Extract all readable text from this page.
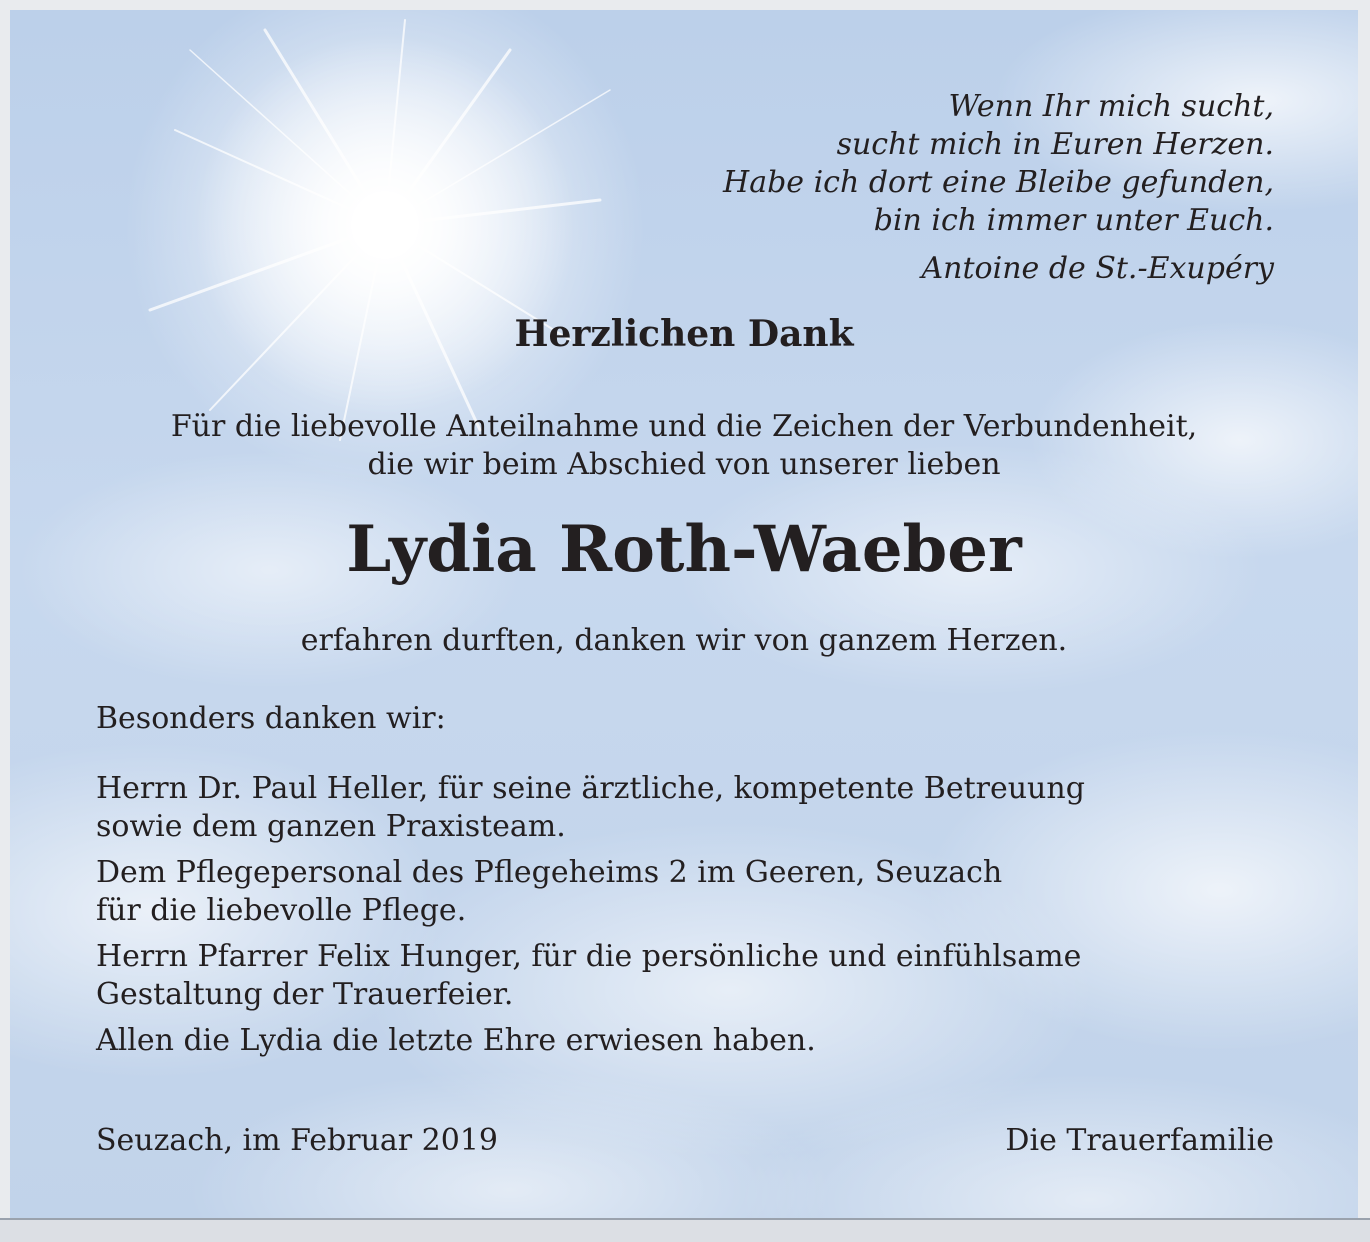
Wenn Ihr mich sucht,
sucht mich in Euren Herzen.
Habe ich dort eine Bleibe gefunden,
bin ich immer unter Euch.
Antoine de St.-Exupéry
Herzlichen Dank
Für die liebevolle Anteilnahme und die Zeichen der Verbundenheit,
die wir beim Abschied von unserer lieben
Lydia Roth-Waeber
erfahren durften, danken wir von ganzem Herzen.
Besonders danken wir:

Herrn Dr. Paul Heller, für seine ärztliche, kompetente Betreuung
sowie dem ganzen Praxisteam.

Dem Pflegepersonal des Pflegeheims 2 im Geeren, Seuzach
für die liebevolle Pflege.

Herrn Pfarrer Felix Hunger, für die persönliche und einfühlsame
Gestaltung der Trauerfeier.

Allen die Lydia die letzte Ehre erwiesen haben.

Seuzach, im Februar 2019	Die Trauerfamilie
